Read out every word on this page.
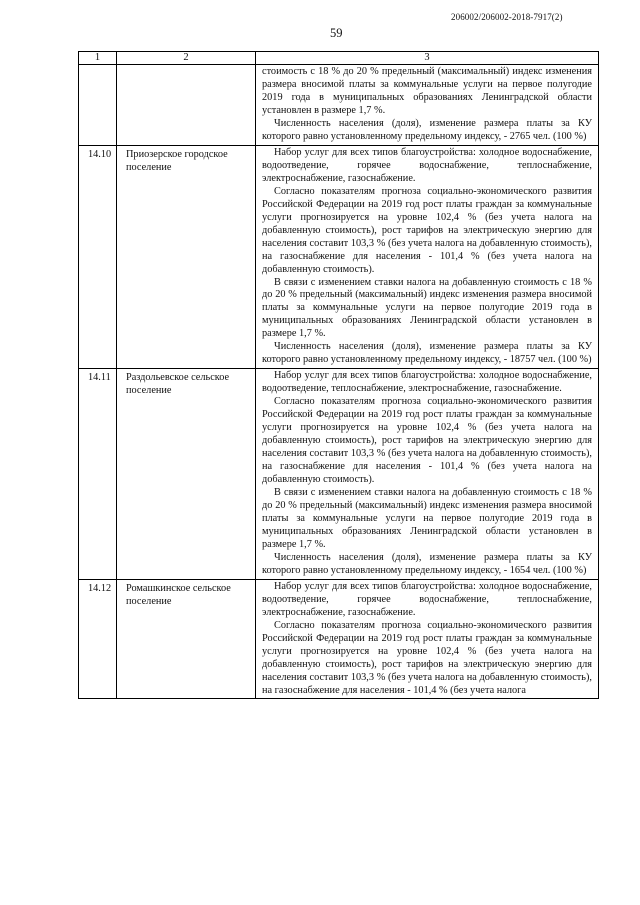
206002/206002-2018-7917(2)
59
1	2	3

		стоимость с 18 % до 20 % предельный (максимальный) индекс изменения размера вносимой платы за коммунальные услуги на первое полугодие 2019 года в муниципальных образованиях Ленинградской области установлен в размере 1,7 %.

Численность населения (доля), изменение размера платы за КУ которого равно установленному предельному индексу, - 2765 чел. (100 %)

14.10	Приозерское городское поселение	Набор услуг для всех типов благоустройства: холодное водоснабжение, водоотведение, горячее водоснабжение, теплоснабжение, электроснабжение, газоснабжение.

Согласно показателям прогноза социально-экономического развития Российской Федерации на 2019 год рост платы граждан за коммунальные услуги прогнозируется на уровне 102,4 % (без учета налога на добавленную стоимость), рост тарифов на электрическую энергию для населения составит 103,3 % (без учета налога на добавленную стоимость), на газоснабжение для населения - 101,4 % (без учета налога на добавленную стоимость).

В связи с изменением ставки налога на добавленную стоимость с 18 % до 20 % предельный (максимальный) индекс изменения размера вносимой платы за коммунальные услуги на первое полугодие 2019 года в муниципальных образованиях Ленинградской области установлен в размере 1,7 %.

Численность населения (доля), изменение размера платы за КУ которого равно установленному предельному индексу, - 18757 чел. (100 %)

14.11	Раздольевское сельское поселение	Набор услуг для всех типов благоустройства: холодное водоснабжение, водоотведение, теплоснабжение, электроснабжение, газоснабжение.

Согласно показателям прогноза социально-экономического развития Российской Федерации на 2019 год рост платы граждан за коммунальные услуги прогнозируется на уровне 102,4 % (без учета налога на добавленную стоимость), рост тарифов на электрическую энергию для населения составит 103,3 % (без учета налога на добавленную стоимость), на газоснабжение для населения - 101,4 % (без учета налога на добавленную стоимость).

В связи с изменением ставки налога на добавленную стоимость с 18 % до 20 % предельный (максимальный) индекс изменения размера вносимой платы за коммунальные услуги на первое полугодие 2019 года в муниципальных образованиях Ленинградской области установлен в размере 1,7 %.

Численность населения (доля), изменение размера платы за КУ которого равно установленному предельному индексу, - 1654 чел. (100 %)

14.12	Ромашкинское сельское поселение	Набор услуг для всех типов благоустройства: холодное водоснабжение, водоотведение, горячее водоснабжение, теплоснабжение, электроснабжение, газоснабжение.

Согласно показателям прогноза социально-экономического развития Российской Федерации на 2019 год рост платы граждан за коммунальные услуги прогнозируется на уровне 102,4 % (без учета налога на добавленную стоимость), рост тарифов на электрическую энергию для населения составит 103,3 % (без учета налога на добавленную стоимость), на газоснабжение для населения - 101,4 % (без учета налога
